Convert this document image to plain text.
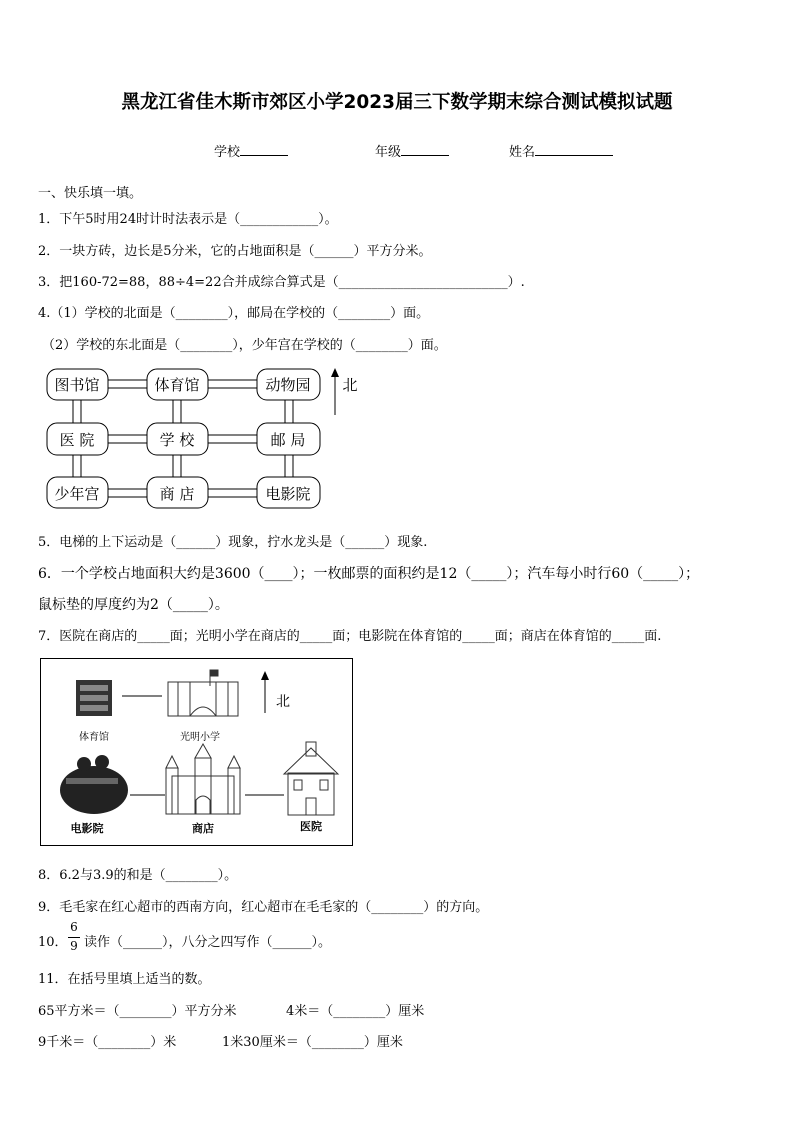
黑龙江省佳木斯市郊区小学2023届三下数学期末综合测试模拟试题
学校	年级	姓名
一、快乐填一填。
1．下午5时用24时计时法表示是（____________）。
2．一块方砖，边长是5分米，它的占地面积是（______）平方分米。
3．把160-72=88，88÷4=22合并成综合算式是（__________________________）.
4.（1）学校的北面是（________），邮局在学校的（________）面。
（2）学校的东北面是（________），少年宫在学校的（________）面。
图书馆	体育馆	动物园
医 院	学 校	邮 局
少年宫	商 店	电影院
北
5．电梯的上下运动是（______）现象，拧水龙头是（______）现象.
6．一个学校占地面积大约是3600（____）；一枚邮票的面积约是12（_____）；汽车每小时行60（_____）；
鼠标垫的厚度约为2（_____）。
7．医院在商店的_____面；光明小学在商店的_____面；电影院在体育馆的_____面；商店在体育馆的_____面.
北
体育馆	光明小学
电影院	商店	医院
8．6.2与3.9的和是（________）。
9．毛毛家在红心超市的西南方向，红心超市在毛毛家的（________）的方向。
10．
6
9 读作（______），八分之四写作（______）。
11．在括号里填上适当的数。
65平方米＝（________）平方分米	4米＝（________）厘米
9千米＝（________）米	1米30厘米＝（________）厘米
